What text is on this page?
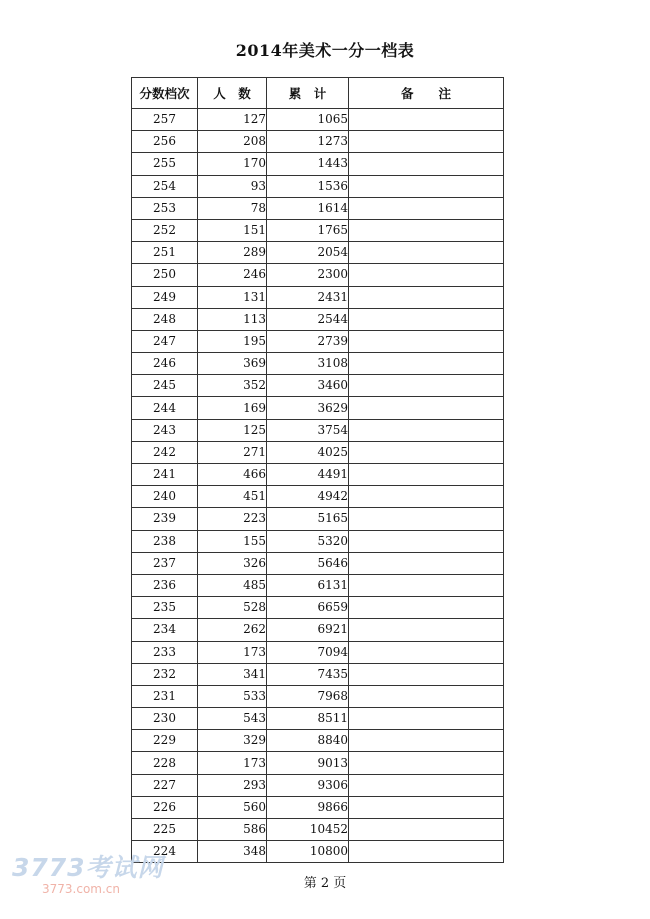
2014年美术一分一档表
分数档次	人　数	累　计	备　　注
257	127	1065	
256	208	1273	
255	170	1443	
254	93	1536	
253	78	1614	
252	151	1765	
251	289	2054	
250	246	2300	
249	131	2431	
248	113	2544	
247	195	2739	
246	369	3108	
245	352	3460	
244	169	3629	
243	125	3754	
242	271	4025	
241	466	4491	
240	451	4942	
239	223	5165	
238	155	5320	
237	326	5646	
236	485	6131	
235	528	6659	
234	262	6921	
233	173	7094	
232	341	7435	
231	533	7968	
230	543	8511	
229	329	8840	
228	173	9013	
227	293	9306	
226	560	9866	
225	586	10452	
224	348	10800	
3773考试网
3773.com.cn	第 2 页
